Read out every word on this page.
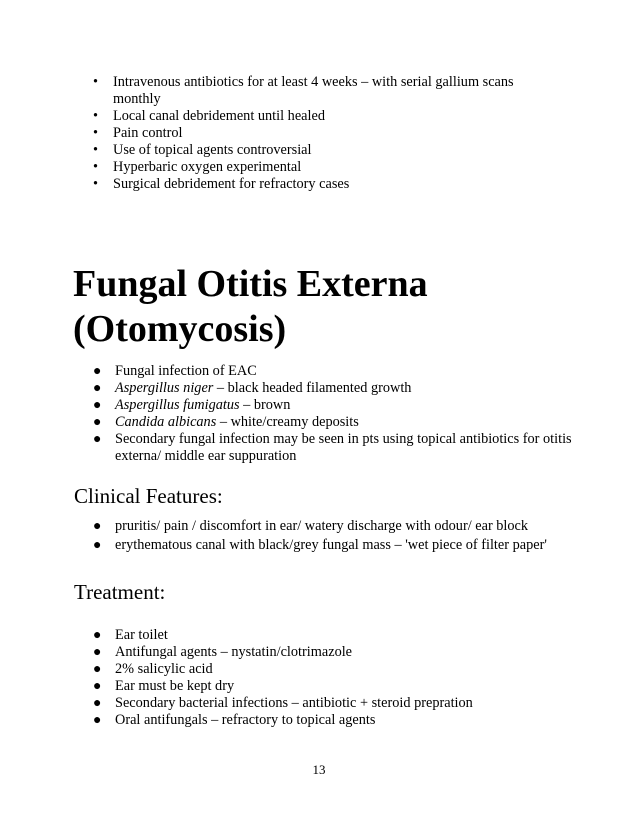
• Intravenous antibiotics for at least 4 weeks – with serial gallium scans monthly
• Local canal debridement until healed
• Pain control
• Use of topical agents controversial
• Hyperbaric oxygen experimental
• Surgical debridement for refractory cases
Fungal Otitis Externa (Otomycosis)
● Fungal infection of EAC
● Aspergillus niger – black headed filamented growth
● Aspergillus fumigatus – brown
● Candida albicans – white/creamy deposits
● Secondary fungal infection may be seen in pts using topical antibiotics for otitis externa/ middle ear suppuration
Clinical Features:
● pruritis/ pain / discomfort in ear/ watery discharge with odour/ ear block
● erythematous canal with black/grey fungal mass – 'wet piece of filter paper'
Treatment:
● Ear toilet
● Antifungal agents – nystatin/clotrimazole
● 2% salicylic acid
● Ear must be kept dry
● Secondary bacterial infections – antibiotic + steroid prepration
● Oral antifungals – refractory to topical agents
13
